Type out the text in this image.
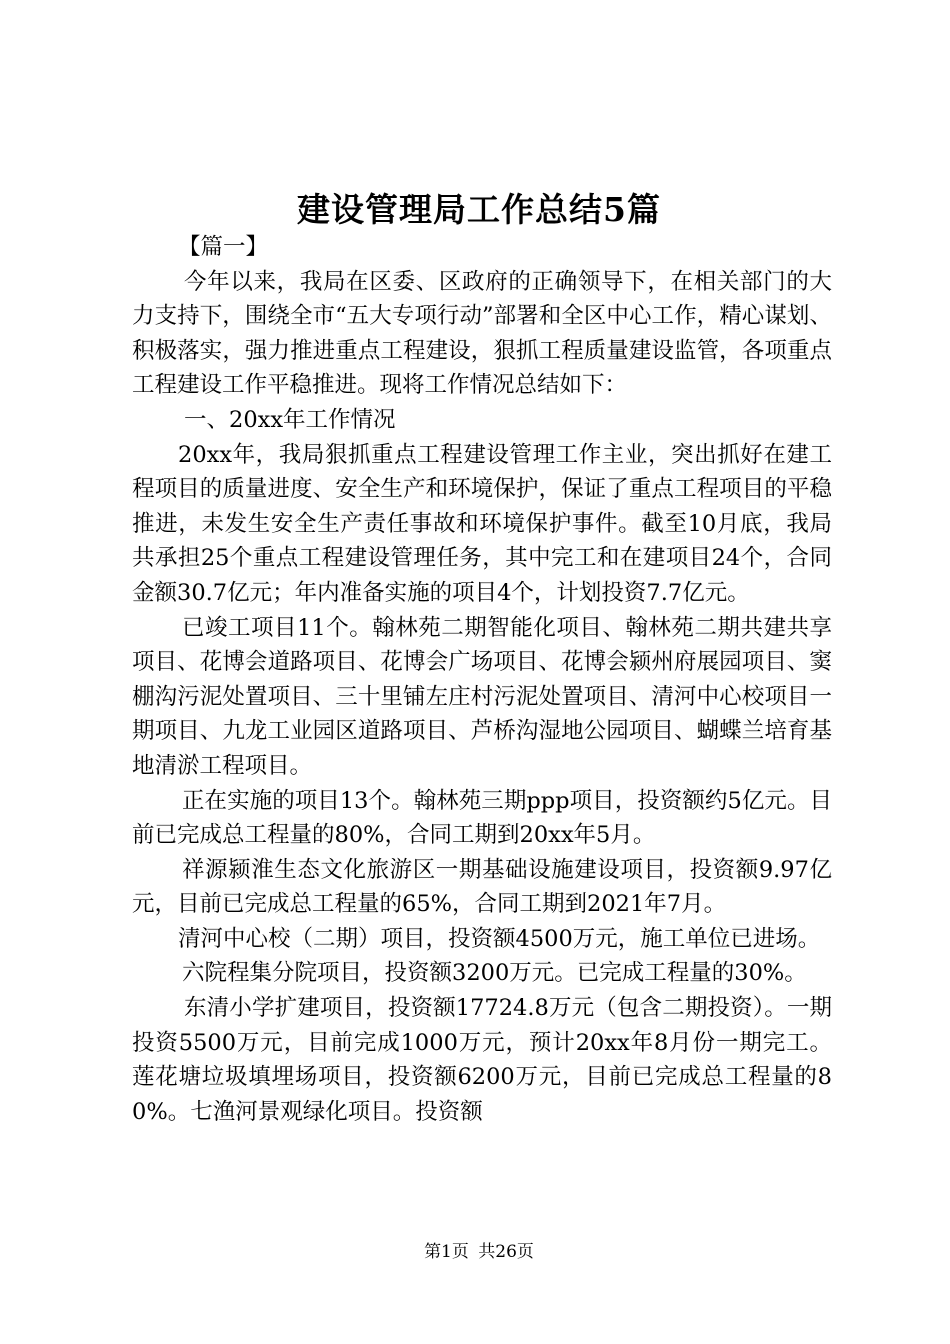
建设管理局工作总结5篇

【篇一】

今年以来，我局在区委、区政府的正确领导下，在相关部门的大力支持下，围绕全市“五大专项行动”部署和全区中心工作，精心谋划、积极落实，强力推进重点工程建设，狠抓工程质量建设监管，各项重点工程建设工作平稳推进。现将工作情况总结如下：

一、20xx年工作情况

20xx年，我局狠抓重点工程建设管理工作主业，突出抓好在建工程项目的质量进度、安全生产和环境保护，保证了重点工程项目的平稳推进，未发生安全生产责任事故和环境保护事件。截至10月底，我局共承担25个重点工程建设管理任务，其中完工和在建项目24个，合同金额30.7亿元；年内准备实施的项目4个，计划投资7.7亿元。

已竣工项目11个。翰林苑二期智能化项目、翰林苑二期共建共享项目、花博会道路项目、花博会广场项目、花博会颍州府展园项目、窦棚沟污泥处置项目、三十里铺左庄村污泥处置项目、清河中心校项目一期项目、九龙工业园区道路项目、芦桥沟湿地公园项目、蝴蝶兰培育基地清淤工程项目。

正在实施的项目13个。翰林苑三期ppp项目，投资额约5亿元。目前已完成总工程量的80%，合同工期到20xx年5月。

祥源颍淮生态文化旅游区一期基础设施建设项目，投资额9.97亿元，目前已完成总工程量的65%，合同工期到2021年7月。

清河中心校（二期）项目，投资额4500万元，施工单位已进场。

六院程集分院项目，投资额3200万元。已完成工程量的30%。

东清小学扩建项目，投资额17724.8万元（包含二期投资）。一期投资5500万元，目前完成1000万元，预计20xx年8月份一期完工。莲花塘垃圾填埋场项目，投资额6200万元，目前已完成总工程量的80%。七渔河景观绿化项目。投资额

第1页 共26页
